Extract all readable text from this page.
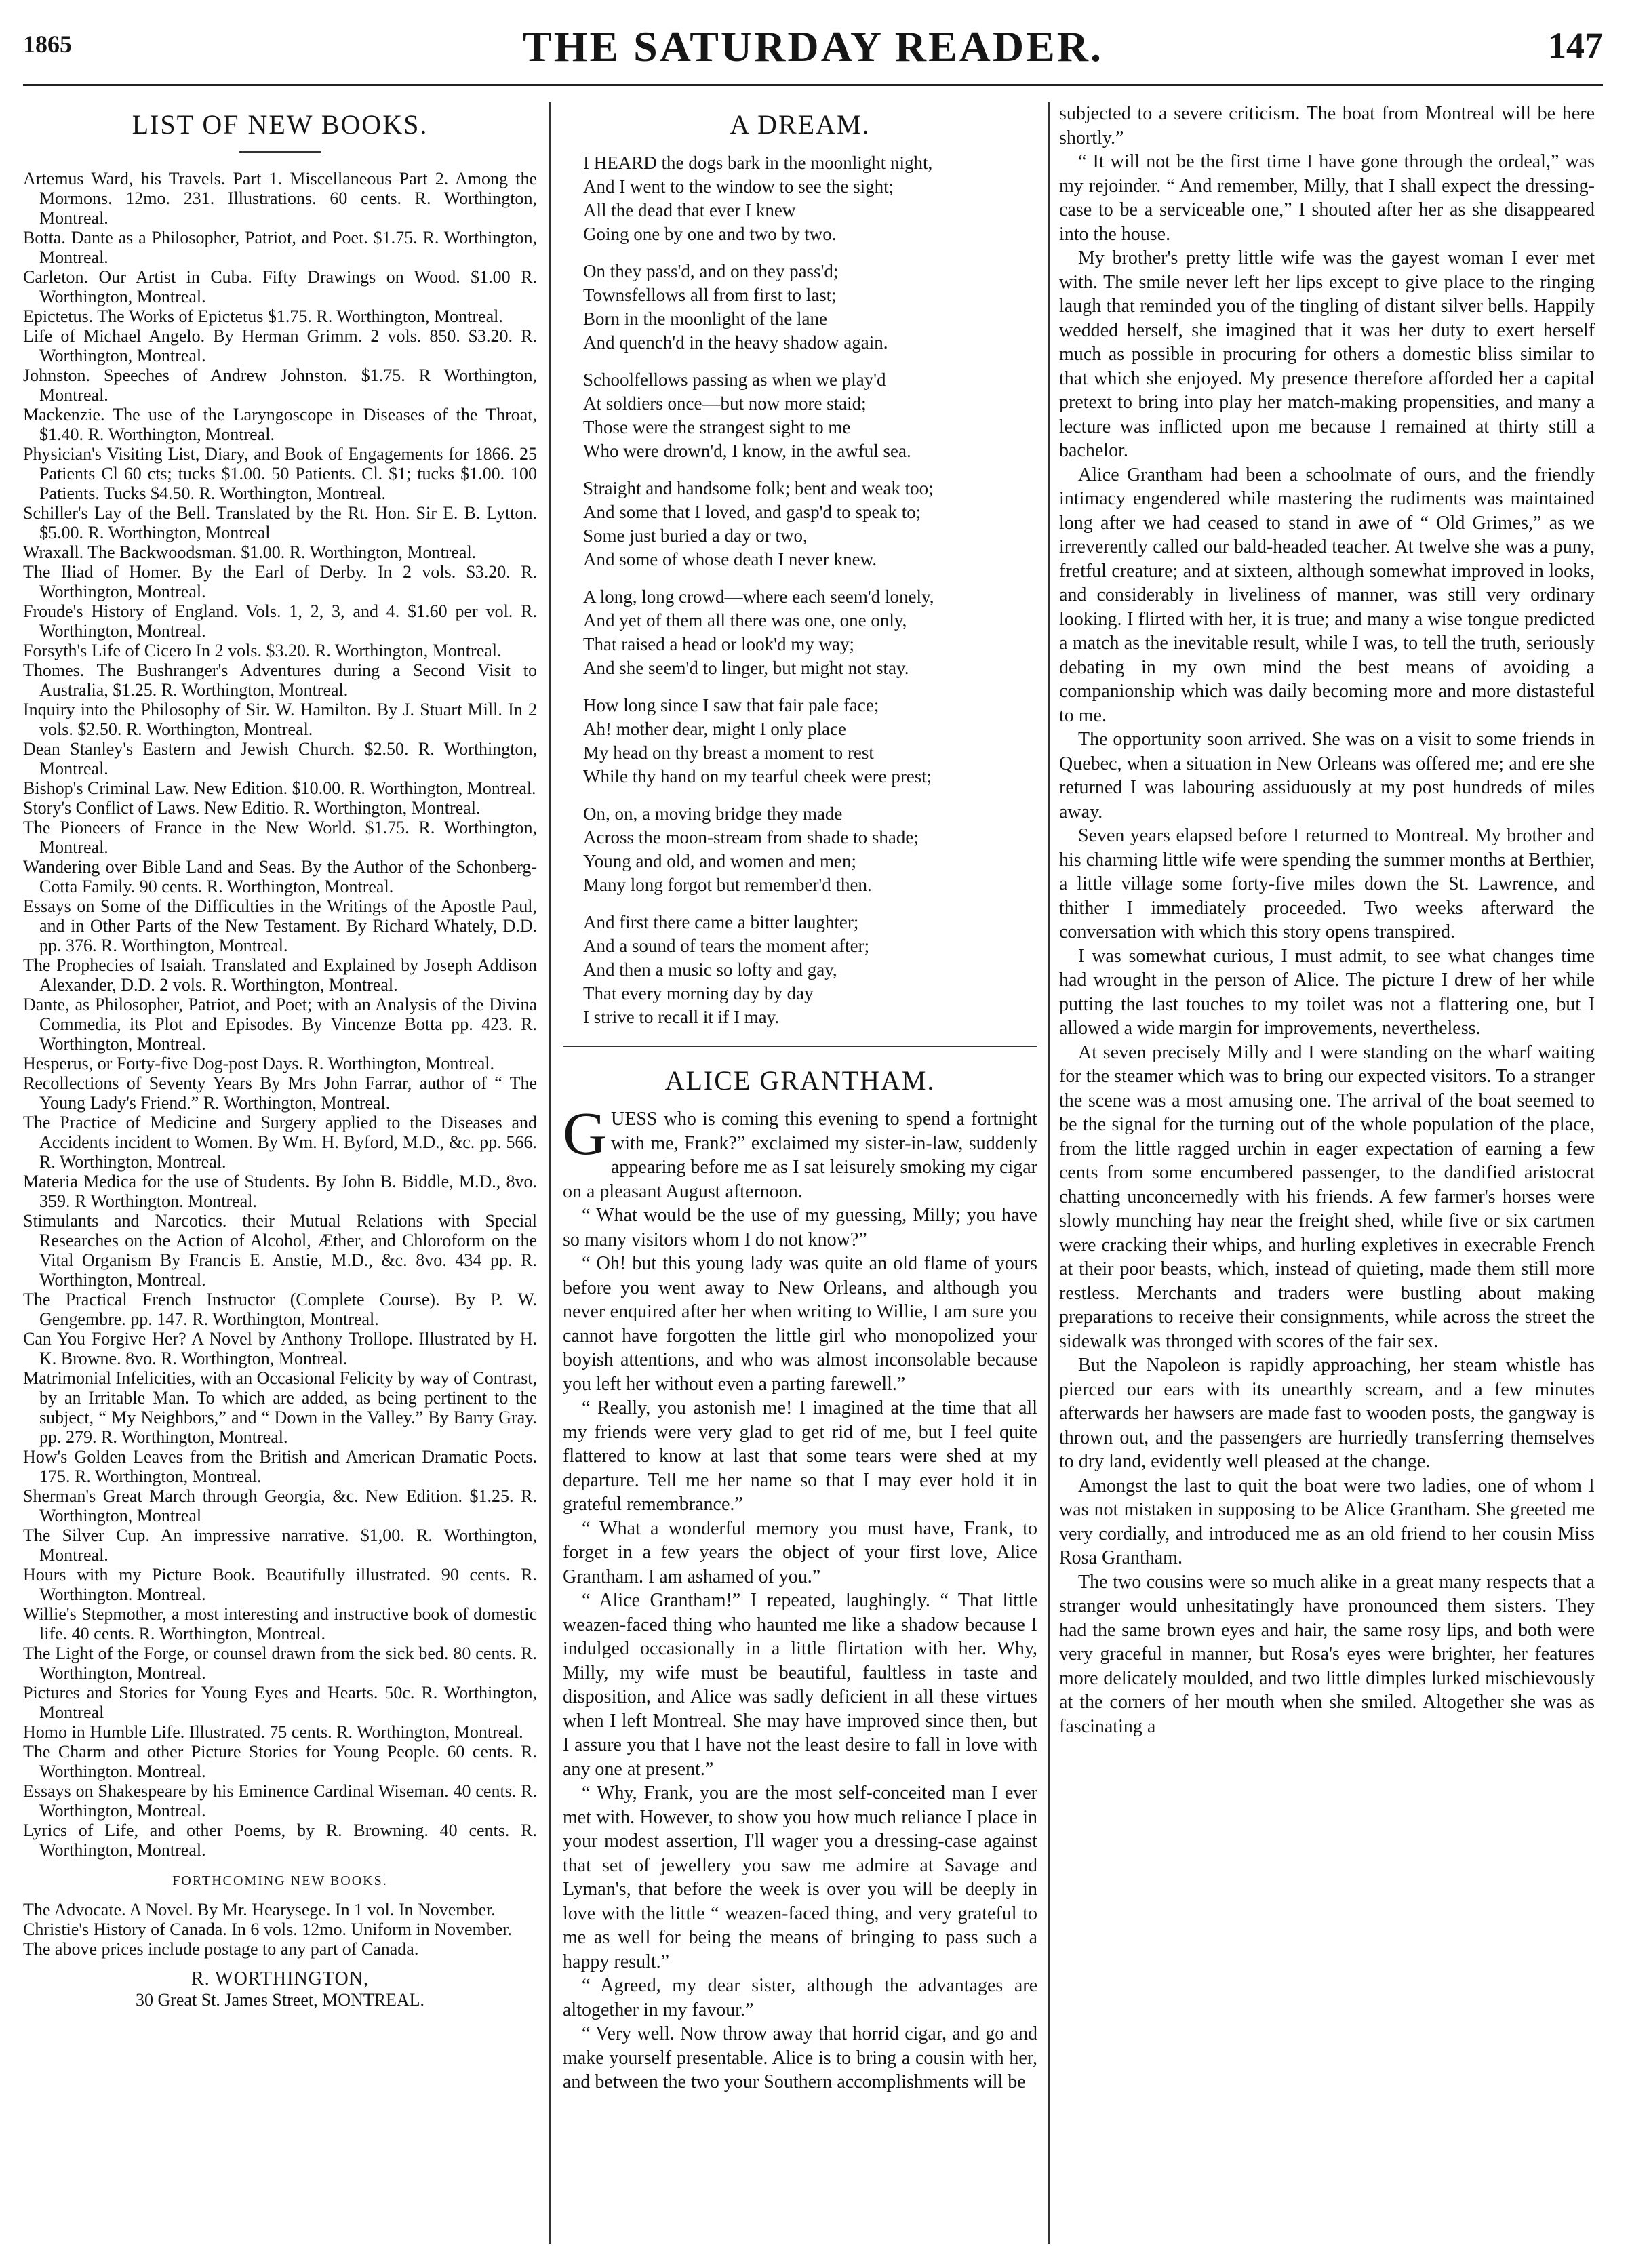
1865	THE SATURDAY READER.	147
LIST OF NEW BOOKS.

Artemus Ward, his Travels. Part 1. Miscellaneous Part 2. Among the Mormons. 12mo. 231. Illustrations. 60 cents. R. Worthington, Montreal.

Botta. Dante as a Philosopher, Patriot, and Poet. $1.75. R. Worthington, Montreal.

Carleton. Our Artist in Cuba. Fifty Drawings on Wood. $1.00 R. Worthington, Montreal.

Epictetus. The Works of Epictetus $1.75. R. Worthington, Montreal.

Life of Michael Angelo. By Herman Grimm. 2 vols. 850. $3.20. R. Worthington, Montreal.

Johnston. Speeches of Andrew Johnston. $1.75. R Worthington, Montreal.

Mackenzie. The use of the Laryngoscope in Diseases of the Throat, $1.40. R. Worthington, Montreal.

Physician's Visiting List, Diary, and Book of Engagements for 1866. 25 Patients Cl 60 cts; tucks $1.00. 50 Patients. Cl. $1; tucks $1.00. 100 Patients. Tucks $4.50. R. Worthington, Montreal.

Schiller's Lay of the Bell. Translated by the Rt. Hon. Sir E. B. Lytton. $5.00. R. Worthington, Montreal

Wraxall. The Backwoodsman. $1.00. R. Worthington, Montreal.

The Iliad of Homer. By the Earl of Derby. In 2 vols. $3.20. R. Worthington, Montreal.

Froude's History of England. Vols. 1, 2, 3, and 4. $1.60 per vol. R. Worthington, Montreal.

Forsyth's Life of Cicero In 2 vols. $3.20. R. Worthington, Montreal.

Thomes. The Bushranger's Adventures during a Second Visit to Australia, $1.25. R. Worthington, Montreal.

Inquiry into the Philosophy of Sir. W. Hamilton. By J. Stuart Mill. In 2 vols. $2.50. R. Worthington, Montreal.

Dean Stanley's Eastern and Jewish Church. $2.50. R. Worthington, Montreal.

Bishop's Criminal Law. New Edition. $10.00. R. Worthington, Montreal.

Story's Conflict of Laws. New Editio. R. Worthington, Montreal.

The Pioneers of France in the New World. $1.75. R. Worthington, Montreal.

Wandering over Bible Land and Seas. By the Author of the Schonberg-Cotta Family. 90 cents. R. Worthington, Montreal.

Essays on Some of the Difficulties in the Writings of the Apostle Paul, and in Other Parts of the New Testament. By Richard Whately, D.D. pp. 376. R. Worthington, Montreal.

The Prophecies of Isaiah. Translated and Explained by Joseph Addison Alexander, D.D. 2 vols. R. Worthington, Montreal.

Dante, as Philosopher, Patriot, and Poet; with an Analysis of the Divina Commedia, its Plot and Episodes. By Vincenze Botta pp. 423. R. Worthington, Montreal.

Hesperus, or Forty-five Dog-post Days. R. Worthington, Montreal.

Recollections of Seventy Years By Mrs John Farrar, author of “ The Young Lady's Friend.” R. Worthington, Montreal.

The Practice of Medicine and Surgery applied to the Diseases and Accidents incident to Women. By Wm. H. Byford, M.D., &c. pp. 566. R. Worthington, Montreal.

Materia Medica for the use of Students. By John B. Biddle, M.D., 8vo. 359. R Worthington. Montreal.

Stimulants and Narcotics. their Mutual Relations with Special Researches on the Action of Alcohol, Æther, and Chloroform on the Vital Organism By Francis E. Anstie, M.D., &c. 8vo. 434 pp. R. Worthington, Montreal.

The Practical French Instructor (Complete Course). By P. W. Gengembre. pp. 147. R. Worthington, Montreal.

Can You Forgive Her? A Novel by Anthony Trollope. Illustrated by H. K. Browne. 8vo. R. Worthington, Montreal.

Matrimonial Infelicities, with an Occasional Felicity by way of Contrast, by an Irritable Man. To which are added, as being pertinent to the subject, “ My Neighbors,” and “ Down in the Valley.” By Barry Gray. pp. 279. R. Worthington, Montreal.

How's Golden Leaves from the British and American Dramatic Poets. 175. R. Worthington, Montreal.

Sherman's Great March through Georgia, &c. New Edition. $1.25. R. Worthington, Montreal

The Silver Cup. An impressive narrative. $1,00. R. Worthington, Montreal.

Hours with my Picture Book. Beautifully illustrated. 90 cents. R. Worthington. Montreal.

Willie's Stepmother, a most interesting and instructive book of domestic life. 40 cents. R. Worthington, Montreal.

The Light of the Forge, or counsel drawn from the sick bed. 80 cents. R. Worthington, Montreal.

Pictures and Stories for Young Eyes and Hearts. 50c. R. Worthington, Montreal

Homo in Humble Life. Illustrated. 75 cents. R. Worthington, Montreal.

The Charm and other Picture Stories for Young People. 60 cents. R. Worthington. Montreal.

Essays on Shakespeare by his Eminence Cardinal Wiseman. 40 cents. R. Worthington, Montreal.

Lyrics of Life, and other Poems, by R. Browning. 40 cents. R. Worthington, Montreal.

FORTHCOMING NEW BOOKS.

The Advocate. A Novel. By Mr. Hearysege. In 1 vol. In November.

Christie's History of Canada. In 6 vols. 12mo. Uniform in November.

The above prices include postage to any part of Canada.
R. WORTHINGTON,
30 Great St. James Street, MONTREAL.
A DREAM.
I HEARD the dogs bark in the moonlight night,
And I went to the window to see the sight;
All the dead that ever I knew
Going one by one and two by two.
On they pass'd, and on they pass'd;
Townsfellows all from first to last;
Born in the moonlight of the lane
And quench'd in the heavy shadow again.
Schoolfellows passing as when we play'd
At soldiers once—but now more staid;
Those were the strangest sight to me
Who were drown'd, I know, in the awful sea.
Straight and handsome folk; bent and weak too;
And some that I loved, and gasp'd to speak to;
Some just buried a day or two,
And some of whose death I never knew.
A long, long crowd—where each seem'd lonely,
And yet of them all there was one, one only,
That raised a head or look'd my way;
And she seem'd to linger, but might not stay.
How long since I saw that fair pale face;
Ah! mother dear, might I only place
My head on thy breast a moment to rest
While thy hand on my tearful cheek were prest;
On, on, a moving bridge they made
Across the moon-stream from shade to shade;
Young and old, and women and men;
Many long forgot but remember'd then.
And first there came a bitter laughter;
And a sound of tears the moment after;
And then a music so lofty and gay,
That every morning day by day
I strive to recall it if I may.
ALICE GRANTHAM.

GUESS who is coming this evening to spend a fortnight with me, Frank?” exclaimed my sister-in-law, suddenly appearing before me as I sat leisurely smoking my cigar on a pleasant August afternoon.

“ What would be the use of my guessing, Milly; you have so many visitors whom I do not know?”

“ Oh! but this young lady was quite an old flame of yours before you went away to New Orleans, and although you never enquired after her when writing to Willie, I am sure you cannot have forgotten the little girl who monopolized your boyish attentions, and who was almost inconsolable because you left her without even a parting farewell.”

“ Really, you astonish me! I imagined at the time that all my friends were very glad to get rid of me, but I feel quite flattered to know at last that some tears were shed at my departure. Tell me her name so that I may ever hold it in grateful remembrance.”

“ What a wonderful memory you must have, Frank, to forget in a few years the object of your first love, Alice Grantham. I am ashamed of you.”

“ Alice Grantham!” I repeated, laughingly. “ That little weazen-faced thing who haunted me like a shadow because I indulged occasionally in a little flirtation with her. Why, Milly, my wife must be beautiful, faultless in taste and disposition, and Alice was sadly deficient in all these virtues when I left Montreal. She may have improved since then, but I assure you that I have not the least desire to fall in love with any one at present.”

“ Why, Frank, you are the most self-conceited man I ever met with. However, to show you how much reliance I place in your modest assertion, I'll wager you a dressing-case against that set of jewellery you saw me admire at Savage and Lyman's, that before the week is over you will be deeply in love with the little “ weazen-faced thing, and very grateful to me as well for being the means of bringing to pass such a happy result.”

“ Agreed, my dear sister, although the advantages are altogether in my favour.”

“ Very well. Now throw away that horrid cigar, and go and make yourself presentable. Alice is to bring a cousin with her, and between the two your Southern accomplishments will be

subjected to a severe criticism. The boat from Montreal will be here shortly.”

“ It will not be the first time I have gone through the ordeal,” was my rejoinder. “ And remember, Milly, that I shall expect the dressing-case to be a serviceable one,” I shouted after her as she disappeared into the house.

My brother's pretty little wife was the gayest woman I ever met with. The smile never left her lips except to give place to the ringing laugh that reminded you of the tingling of distant silver bells. Happily wedded herself, she imagined that it was her duty to exert herself much as possible in procuring for others a domestic bliss similar to that which she enjoyed. My presence therefore afforded her a capital pretext to bring into play her match-making propensities, and many a lecture was inflicted upon me because I remained at thirty still a bachelor.

Alice Grantham had been a schoolmate of ours, and the friendly intimacy engendered while mastering the rudiments was maintained long after we had ceased to stand in awe of “ Old Grimes,” as we irreverently called our bald-headed teacher. At twelve she was a puny, fretful creature; and at sixteen, although somewhat improved in looks, and considerably in liveliness of manner, was still very ordinary looking. I flirted with her, it is true; and many a wise tongue predicted a match as the inevitable result, while I was, to tell the truth, seriously debating in my own mind the best means of avoiding a companionship which was daily becoming more and more distasteful to me.

The opportunity soon arrived. She was on a visit to some friends in Quebec, when a situation in New Orleans was offered me; and ere she returned I was labouring assiduously at my post hundreds of miles away.

Seven years elapsed before I returned to Montreal. My brother and his charming little wife were spending the summer months at Berthier, a little village some forty-five miles down the St. Lawrence, and thither I immediately proceeded. Two weeks afterward the conversation with which this story opens transpired.

I was somewhat curious, I must admit, to see what changes time had wrought in the person of Alice. The picture I drew of her while putting the last touches to my toilet was not a flattering one, but I allowed a wide margin for improvements, nevertheless.

At seven precisely Milly and I were standing on the wharf waiting for the steamer which was to bring our expected visitors. To a stranger the scene was a most amusing one. The arrival of the boat seemed to be the signal for the turning out of the whole population of the place, from the little ragged urchin in eager expectation of earning a few cents from some encumbered passenger, to the dandified aristocrat chatting unconcernedly with his friends. A few farmer's horses were slowly munching hay near the freight shed, while five or six cartmen were cracking their whips, and hurling expletives in execrable French at their poor beasts, which, instead of quieting, made them still more restless. Merchants and traders were bustling about making preparations to receive their consignments, while across the street the sidewalk was thronged with scores of the fair sex.

But the Napoleon is rapidly approaching, her steam whistle has pierced our ears with its unearthly scream, and a few minutes afterwards her hawsers are made fast to wooden posts, the gangway is thrown out, and the passengers are hurriedly transferring themselves to dry land, evidently well pleased at the change.

Amongst the last to quit the boat were two ladies, one of whom I was not mistaken in supposing to be Alice Grantham. She greeted me very cordially, and introduced me as an old friend to her cousin Miss Rosa Grantham.

The two cousins were so much alike in a great many respects that a stranger would unhesitatingly have pronounced them sisters. They had the same brown eyes and hair, the same rosy lips, and both were very graceful in manner, but Rosa's eyes were brighter, her features more delicately moulded, and two little dimples lurked mischievously at the corners of her mouth when she smiled. Altogether she was as fascinating a
